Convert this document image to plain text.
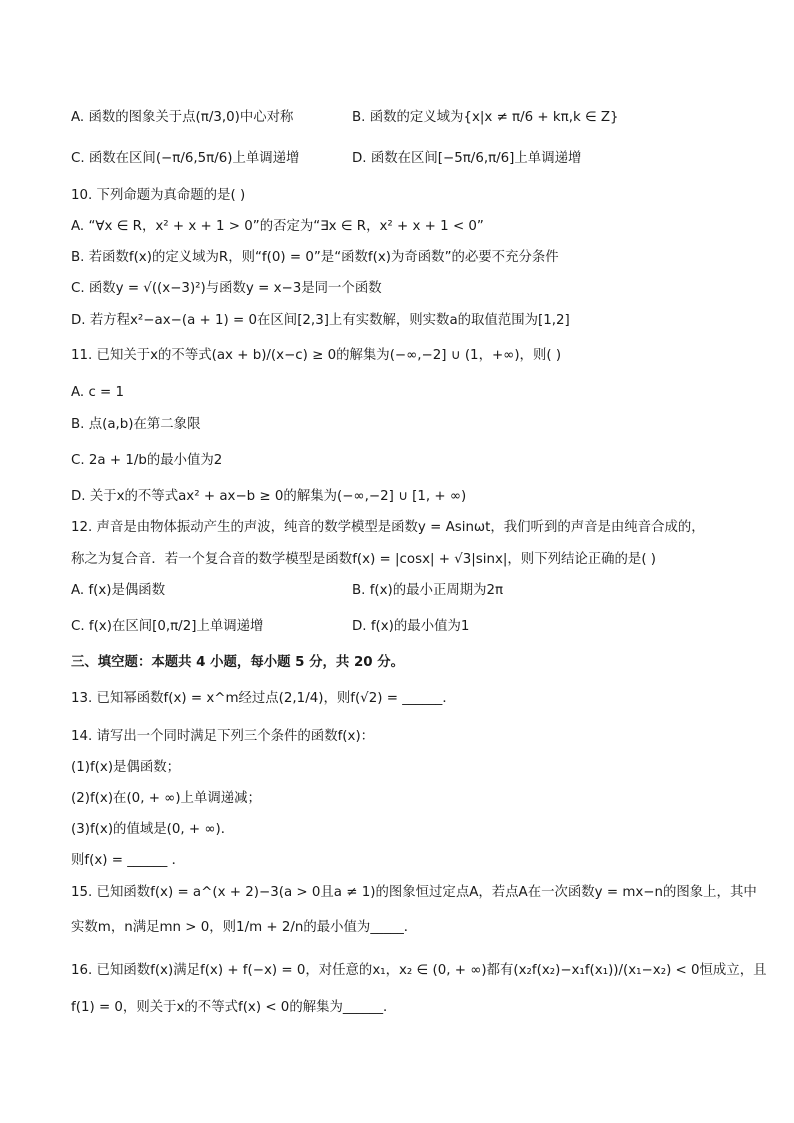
A. 函数的图象关于点(π/3,0)中心对称	B. 函数的定义域为{x|x ≠ π/6 + kπ,k ∈ Z}
C. 函数在区间(−π/6,5π/6)上单调递增	D. 函数在区间[−5π/6,π/6]上单调递增
10. 下列命题为真命题的是( )
A. “∀x ∈ R，x² + x + 1 > 0”的否定为“∃x ∈ R，x² + x + 1 < 0”
B. 若函数f(x)的定义域为R，则“f(0) = 0”是“函数f(x)为奇函数”的必要不充分条件
C. 函数y = √((x−3)²)与函数y = x−3是同一个函数
D. 若方程x²−ax−(a + 1) = 0在区间[2,3]上有实数解，则实数a的取值范围为[1,2]
11. 已知关于x的不等式(ax + b)/(x−c) ≥ 0的解集为(−∞,−2] ∪ (1，+∞)，则( )
A. c = 1
B. 点(a,b)在第二象限
C. 2a + 1/b的最小值为2
D. 关于x的不等式ax² + ax−b ≥ 0的解集为(−∞,−2] ∪ [1, + ∞)
12. 声音是由物体振动产生的声波，纯音的数学模型是函数y = Asinωt，我们听到的声音是由纯音合成的，
称之为复合音．若一个复合音的数学模型是函数f(x) = |cosx| + √3|sinx|，则下列结论正确的是( )
A. f(x)是偶函数	B. f(x)的最小正周期为2π
C. f(x)在区间[0,π/2]上单调递增	D. f(x)的最小值为1
三、填空题：本题共 4 小题，每小题 5 分，共 20 分。
13. 已知幂函数f(x) = x^m经过点(2,1/4)，则f(√2) = ______．
14. 请写出一个同时满足下列三个条件的函数f(x)：
(1)f(x)是偶函数；
(2)f(x)在(0, + ∞)上单调递减；
(3)f(x)的值域是(0, + ∞)．
则f(x) = ______ ．
15. 已知函数f(x) = a^(x + 2)−3(a > 0且a ≠ 1)的图象恒过定点A，若点A在一次函数y = mx−n的图象上，其中
实数m，n满足mn > 0，则1/m + 2/n的最小值为_____．
16. 已知函数f(x)满足f(x) + f(−x) = 0，对任意的x₁，x₂ ∈ (0, + ∞)都有(x₂f(x₂)−x₁f(x₁))/(x₁−x₂) < 0恒成立，且
f(1) = 0，则关于x的不等式f(x) < 0的解集为______．
